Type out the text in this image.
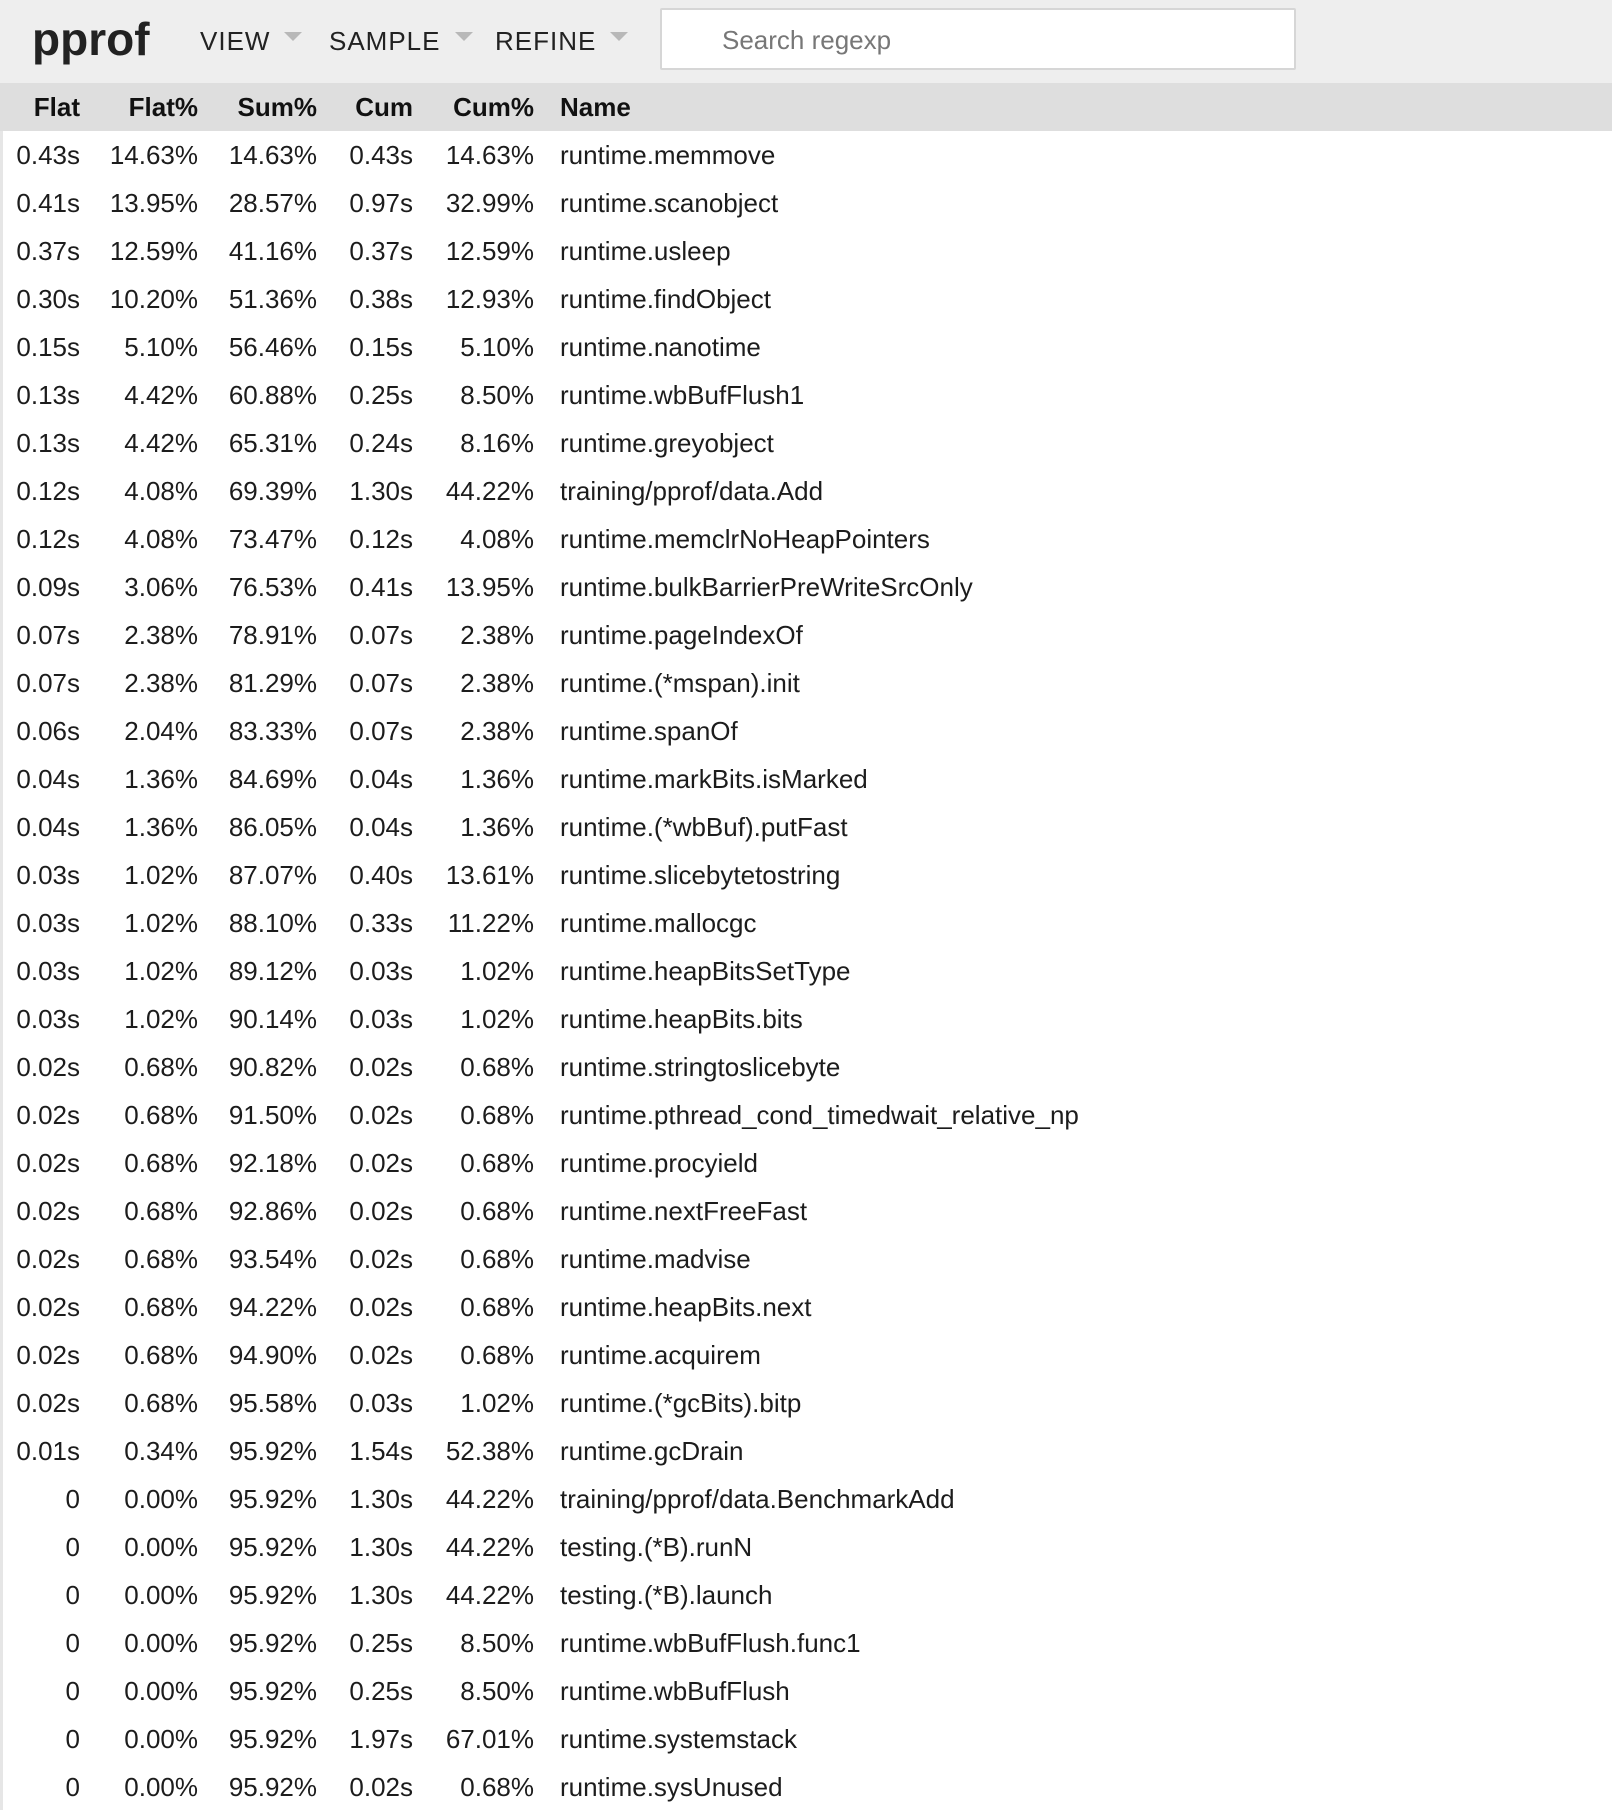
pprof VIEW SAMPLE REFINE
Search regexp
Flat	Flat%	Sum%	Cum	Cum%	Name
0.43s	14.63%	14.63%	0.43s	14.63%	runtime.memmove
0.41s	13.95%	28.57%	0.97s	32.99%	runtime.scanobject
0.37s	12.59%	41.16%	0.37s	12.59%	runtime.usleep
0.30s	10.20%	51.36%	0.38s	12.93%	runtime.findObject
0.15s	5.10%	56.46%	0.15s	5.10%	runtime.nanotime
0.13s	4.42%	60.88%	0.25s	8.50%	runtime.wbBufFlush1
0.13s	4.42%	65.31%	0.24s	8.16%	runtime.greyobject
0.12s	4.08%	69.39%	1.30s	44.22%	training/pprof/data.Add
0.12s	4.08%	73.47%	0.12s	4.08%	runtime.memclrNoHeapPointers
0.09s	3.06%	76.53%	0.41s	13.95%	runtime.bulkBarrierPreWriteSrcOnly
0.07s	2.38%	78.91%	0.07s	2.38%	runtime.pageIndexOf
0.07s	2.38%	81.29%	0.07s	2.38%	runtime.(*mspan).init
0.06s	2.04%	83.33%	0.07s	2.38%	runtime.spanOf
0.04s	1.36%	84.69%	0.04s	1.36%	runtime.markBits.isMarked
0.04s	1.36%	86.05%	0.04s	1.36%	runtime.(*wbBuf).putFast
0.03s	1.02%	87.07%	0.40s	13.61%	runtime.slicebytetostring
0.03s	1.02%	88.10%	0.33s	11.22%	runtime.mallocgc
0.03s	1.02%	89.12%	0.03s	1.02%	runtime.heapBitsSetType
0.03s	1.02%	90.14%	0.03s	1.02%	runtime.heapBits.bits
0.02s	0.68%	90.82%	0.02s	0.68%	runtime.stringtoslicebyte
0.02s	0.68%	91.50%	0.02s	0.68%	runtime.pthread_cond_timedwait_relative_np
0.02s	0.68%	92.18%	0.02s	0.68%	runtime.procyield
0.02s	0.68%	92.86%	0.02s	0.68%	runtime.nextFreeFast
0.02s	0.68%	93.54%	0.02s	0.68%	runtime.madvise
0.02s	0.68%	94.22%	0.02s	0.68%	runtime.heapBits.next
0.02s	0.68%	94.90%	0.02s	0.68%	runtime.acquirem
0.02s	0.68%	95.58%	0.03s	1.02%	runtime.(*gcBits).bitp
0.01s	0.34%	95.92%	1.54s	52.38%	runtime.gcDrain
0	0.00%	95.92%	1.30s	44.22%	training/pprof/data.BenchmarkAdd
0	0.00%	95.92%	1.30s	44.22%	testing.(*B).runN
0	0.00%	95.92%	1.30s	44.22%	testing.(*B).launch
0	0.00%	95.92%	0.25s	8.50%	runtime.wbBufFlush.func1
0	0.00%	95.92%	0.25s	8.50%	runtime.wbBufFlush
0	0.00%	95.92%	1.97s	67.01%	runtime.systemstack
0	0.00%	95.92%	0.02s	0.68%	runtime.sysUnused
